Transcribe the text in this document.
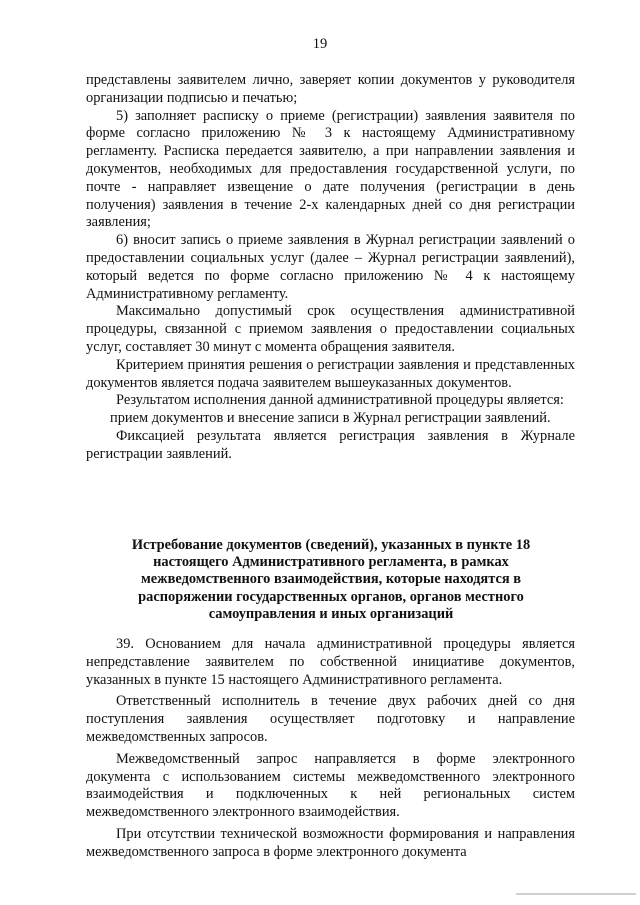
19

представлены заявителем лично, заверяет копии документов у руководителя организации подписью и печатью;

5) заполняет расписку о приеме (регистрации) заявления заявителя по форме согласно приложению № 3 к настоящему Административному регламенту. Расписка передается заявителю, а при направлении заявления и документов, необходимых для предоставления государственной услуги, по почте - направляет извещение о дате получения (регистрации в день получения) заявления в течение 2-х календарных дней со дня регистрации заявления;

6) вносит запись о приеме заявления в Журнал регистрации заявлений о предоставлении социальных услуг (далее – Журнал регистрации заявлений), который ведется по форме согласно приложению № 4 к настоящему Административному регламенту.

Максимально допустимый срок осуществления административной процедуры, связанной с приемом заявления о предоставлении социальных услуг, составляет 30 минут с момента обращения заявителя.

Критерием принятия решения о регистрации заявления и представленных документов является подача заявителем вышеуказанных документов.

Результатом исполнения данной административной процедуры является:

прием документов и внесение записи в Журнал регистрации заявлений.

Фиксацией результата является регистрация заявления в Журнале регистрации заявлений.

Истребование документов (сведений), указанных в пункте 18 настоящего Административного регламента, в рамках межведомственного взаимодействия, которые находятся в распоряжении государственных органов, органов местного самоуправления и иных организаций

39. Основанием для начала административной процедуры является непредставление заявителем по собственной инициативе документов, указанных в пункте 15 настоящего Административного регламента.

Ответственный исполнитель в течение двух рабочих дней со дня поступления заявления осуществляет подготовку и направление межведомственных запросов.

Межведомственный запрос направляется в форме электронного документа с использованием системы межведомственного электронного взаимодействия и подключенных к ней региональных систем межведомственного электронного взаимодействия.

При отсутствии технической возможности формирования и направления межведомственного запроса в форме электронного документа
